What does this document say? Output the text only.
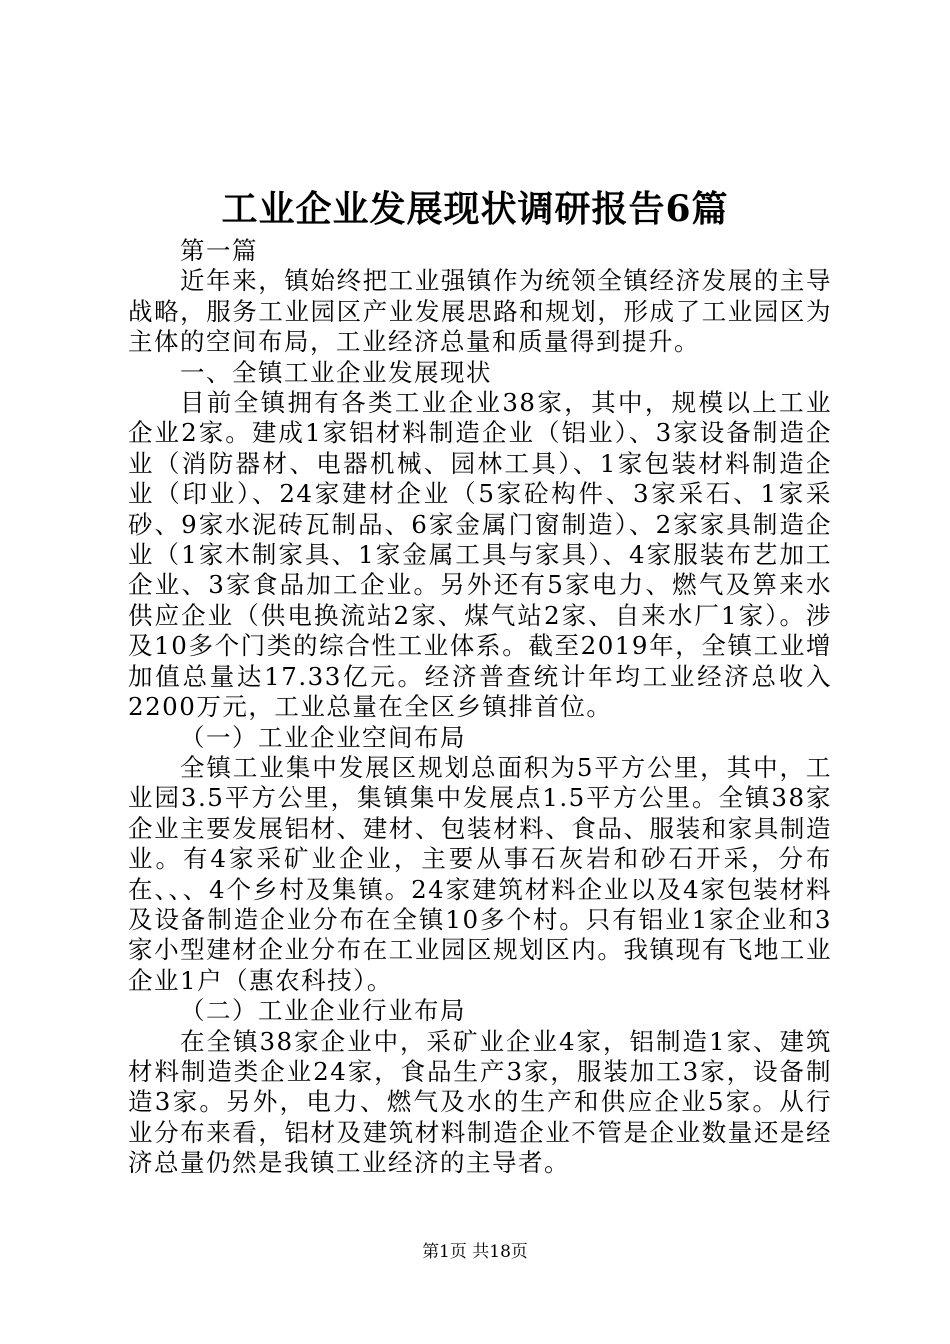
工业企业发展现状调研报告6篇

第一篇

近年来，镇始终把工业强镇作为统领全镇经济发展的主导战略，服务工业园区产业发展思路和规划，形成了工业园区为主体的空间布局，工业经济总量和质量得到提升。

一、全镇工业企业发展现状

目前全镇拥有各类工业企业38家，其中，规模以上工业企业2家。建成1家铝材料制造企业（铝业）、3家设备制造企业（消防器材、电器机械、园林工具）、1家包装材料制造企业（印业）、24家建材企业（5家砼构件、3家采石、1家采砂、9家水泥砖瓦制品、6家金属门窗制造）、2家家具制造企业（1家木制家具、1家金属工具与家具）、4家服装布艺加工企业、3家食品加工企业。另外还有5家电力、燃气及箅来水供应企业（供电换流站2家、煤气站2家、自来水厂1家）。涉及10多个门类的综合性工业体系。截至2019年，全镇工业增加值总量达17.33亿元。经济普查统计年均工业经济总收入2200万元，工业总量在全区乡镇排首位。

（一）工业企业空间布局

全镇工业集中发展区规划总面积为5平方公里，其中，工业园3.5平方公里，集镇集中发展点1.5平方公里。全镇38家企业主要发展铝材、建材、包装材料、食品、服装和家具制造业。有4家采矿业企业，主要从事石灰岩和砂石开采，分布在、、、4个乡村及集镇。24家建筑材料企业以及4家包装材料及设备制造企业分布在全镇10多个村。只有铝业1家企业和3家小型建材企业分布在工业园区规划区内。我镇现有飞地工业企业1户（惠农科技）。

（二）工业企业行业布局

在全镇38家企业中，采矿业企业4家，铝制造1家、建筑材料制造类企业24家，食品生产3家，服装加工3家，设备制造3家。另外，电力、燃气及水的生产和供应企业5家。从行业分布来看，铝材及建筑材料制造企业不管是企业数量还是经济总量仍然是我镇工业经济的主导者。

第1页 共18页
